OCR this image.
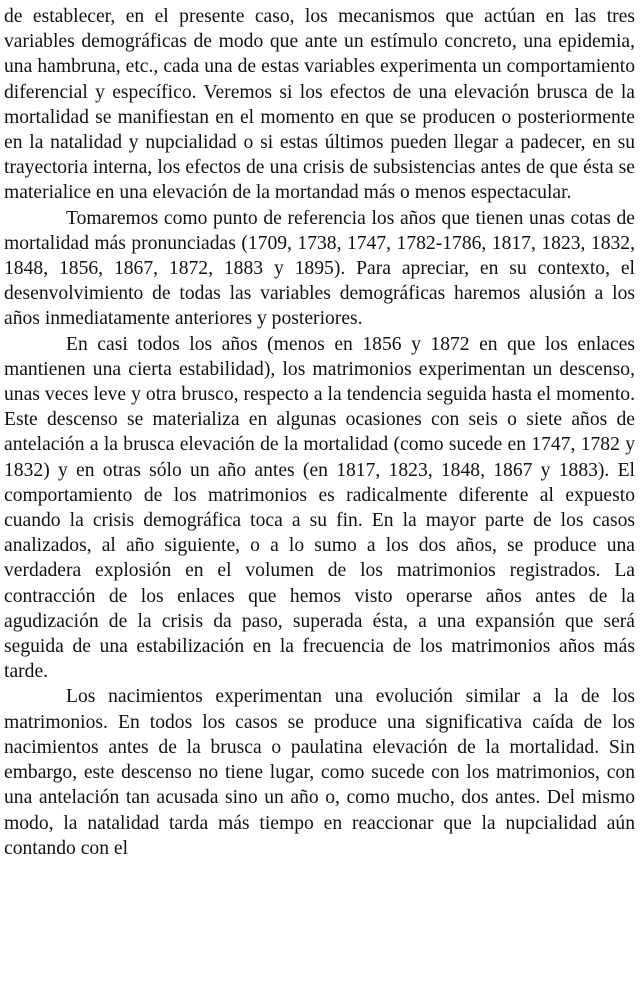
de establecer, en el presente caso, los mecanismos que actúan en las tres variables demográficas de modo que ante un estímulo concreto, una epidemia, una hambruna, etc., cada una de estas variables experimenta un comportamiento diferencial y específico. Veremos si los efectos de una elevación brusca de la mortalidad se manifiestan en el momento en que se producen o posteriormente en la natalidad y nupcialidad o si estas últimos pueden llegar a padecer, en su trayectoria interna, los efectos de una crisis de subsistencias antes de que ésta se materialice en una elevación de la mortandad más o menos espectacular.

Tomaremos como punto de referencia los años que tienen unas cotas de mortalidad más pronunciadas (1709, 1738, 1747, 1782-1786, 1817, 1823, 1832, 1848, 1856, 1867, 1872, 1883 y 1895). Para apreciar, en su contexto, el desenvolvimiento de todas las variables demográficas haremos alusión a los años inmediatamente anteriores y posteriores.

En casi todos los años (menos en 1856 y 1872 en que los enlaces mantienen una cierta estabilidad), los matrimonios experimentan un descenso, unas veces leve y otra brusco, respecto a la tendencia seguida hasta el momento. Este descenso se materializa en algunas ocasiones con seis o siete años de antelación a la brusca elevación de la mortalidad (como sucede en 1747, 1782 y 1832) y en otras sólo un año antes (en 1817, 1823, 1848, 1867 y 1883). El comportamiento de los matrimonios es radicalmente diferente al expuesto cuando la crisis demográfica toca a su fin. En la mayor parte de los casos analizados, al año siguiente, o a lo sumo a los dos años, se produce una verdadera explosión en el volumen de los matrimonios registrados. La contracción de los enlaces que hemos visto operarse años antes de la agudización de la crisis da paso, superada ésta, a una expansión que será seguida de una estabilización en la frecuencia de los matrimonios años más tarde.

Los nacimientos experimentan una evolución similar a la de los matrimonios. En todos los casos se produce una significativa caída de los nacimientos antes de la brusca o paulatina elevación de la mortalidad. Sin embargo, este descenso no tiene lugar, como sucede con los matrimonios, con una antelación tan acusada sino un año o, como mucho, dos antes. Del mismo modo, la natalidad tarda más tiempo en reaccionar que la nupcialidad aún contando con el
